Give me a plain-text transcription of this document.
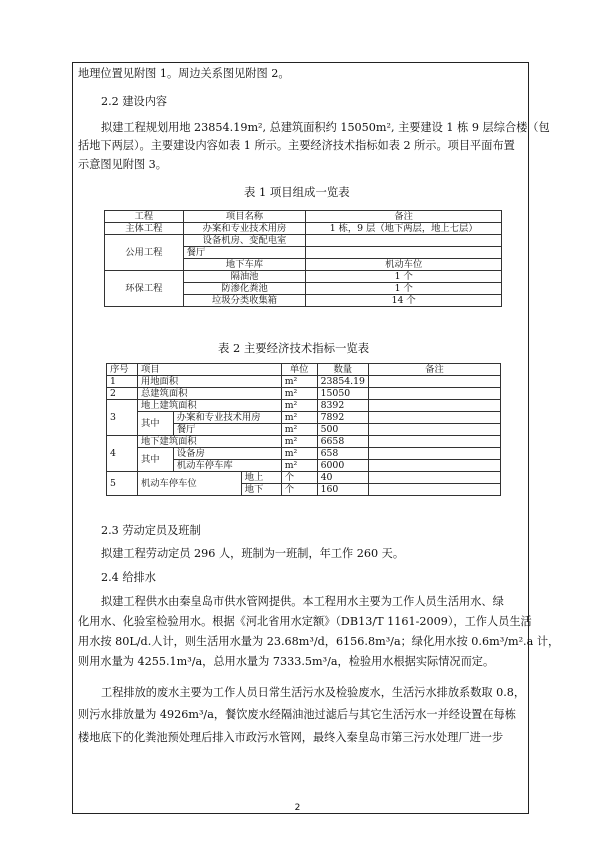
地理位置见附图 1。周边关系图见附图 2。
2.2 建设内容
拟建工程规划用地 23854.19m², 总建筑面积约 15050m², 主要建设 1 栋 9 层综合楼（包
括地下两层）。主要建设内容如表 1 所示。主要经济技术指标如表 2 所示。项目平面布置
示意图见附图 3。
表 1 项目组成一览表
工程	项目名称	备注
主体工程	办案和专业技术用房	1 栋，9 层（地下两层，地上七层）
公用工程	设备机房、变配电室	
	餐厅	
	地下车库	机动车位
环保工程	隔油池	1 个
	防渗化粪池	1 个
	垃圾分类收集箱	14 个
表 2 主要经济技术指标一览表
序号	项目			单位	数量	备注
1	用地面积			m²	23854.19	
2	总建筑面积			m²	15050	
3	地上建筑面积			m²	8392	
	其中	办案和专业技术用房		m²	7892	
		餐厅		m²	500	
4	地下建筑面积			m²	6658	
	其中	设备房		m²	658	
		机动车停车库		m²	6000	
5	机动车停车位		地上	个	40	
			地下	个	160	
2.3 劳动定员及班制
拟建工程劳动定员 296 人，班制为一班制，年工作 260 天。
2.4 给排水
拟建工程供水由秦皇岛市供水管网提供。本工程用水主要为工作人员生活用水、绿
化用水、化验室检验用水。根据《河北省用水定额》（DB13/T 1161-2009），工作人员生活
用水按 80L/d.人计，则生活用水量为 23.68m³/d，6156.8m³/a；绿化用水按 0.6m³/m².a 计，
则用水量为 4255.1m³/a，总用水量为 7333.5m³/a，检验用水根据实际情况而定。
工程排放的废水主要为工作人员日常生活污水及检验废水，生活污水排放系数取 0.8，
则污水排放量为 4926m³/a，餐饮废水经隔油池过滤后与其它生活污水一并经设置在每栋
楼地底下的化粪池预处理后排入市政污水管网，最终入秦皇岛市第三污水处理厂进一步
2
